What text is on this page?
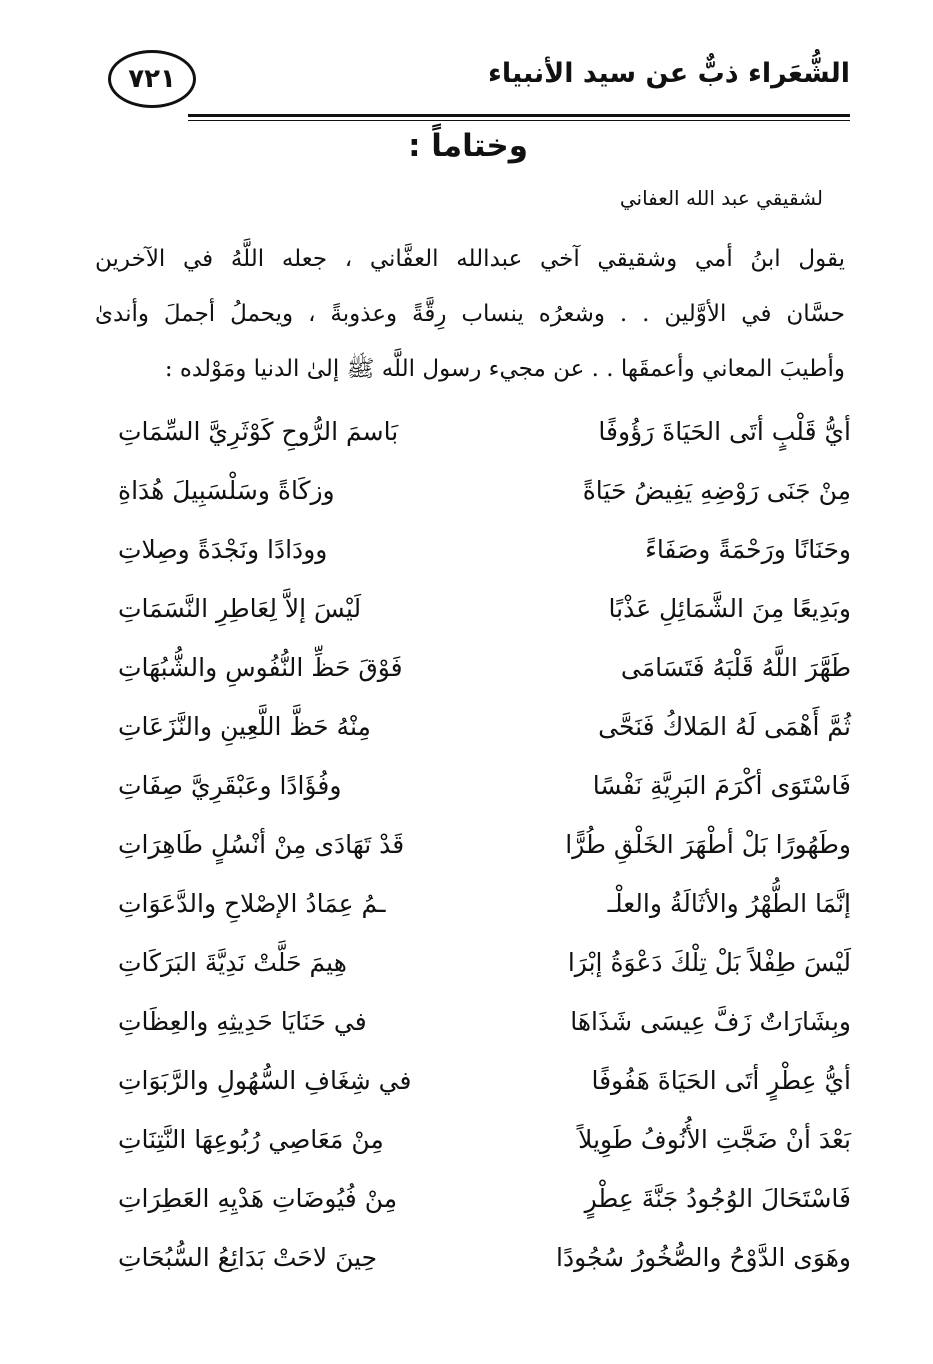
الشُّعَراء ذبٌّ عن سيد الأنبياء
٧٢١
وختاماً :
لشقيقي عبد الله العفاني

يقول ابنُ أمي وشقيقي آخي عبدالله العفَّاني ، جعله اللَّهُ في الآخرين
حسَّان في الأوَّلين . . وشعرُه ينساب رِقَّةً وعذوبةً ، ويحملُ أجملَ وأندىٰ
وأطيبَ المعاني وأعمقَها . . عن مجيء رسول اللَّه ﷺ إلىٰ الدنيا ومَوْلده :

أيُّ قَلْبٍ أتَى الحَيَاةَ رَؤُوفًا
بَاسمَ الرُّوحِ كَوْثَرِيَّ السِّمَاتِ
مِنْ جَنَى رَوْضِهِ يَفِيضُ حَيَاةً
وزكَاةً وسَلْسَبِيلَ هُدَاةِ
وحَنَانًا ورَحْمَةً وصَفَاءً
وودَادًا ونَجْدَةً وصِلاتِ
وبَدِيعًا مِنَ الشَّمَائِلِ عَذْبًا
لَيْسَ إلاَّ لِعَاطِرِ النَّسَمَاتِ
طَهَّرَ اللَّهُ قَلْبَهُ فَتَسَامَى
فَوْقَ حَظِّ النُّفُوسِ والشُّبُهَاتِ
ثُمَّ أَهْمَى لَهُ المَلاكُ فَنَحَّى
مِنْهُ حَظَّ اللَّعِينِ والنَّزَعَاتِ
فَاسْتَوَى أكْرَمَ البَرِيَّةِ نَفْسًا
وفُؤَادًا وعَبْقَرِيَّ صِفَاتِ
وطَهُورًا بَلْ أطْهَرَ الخَلْقِ طُرًّا
قَدْ تَهَادَى مِنْ أنْسُلٍ طَاهِرَاتِ
إنَّمَا الطُّهْرُ والأثَالَةُ والعلْـ
ـمُ عِمَادُ الإصْلاحِ والدَّعَوَاتِ
لَيْسَ طِفْلاً بَلْ تِلْكَ دَعْوَةُ إبْرَا
هِيمَ حَلَّتْ نَدِيَّةَ البَرَكَاتِ
وبِشَارَاتٌ زَفَّ عِيسَى شَذَاهَا
في حَنَايَا حَدِيثِهِ والعِظَاتِ
أيُّ عِطْرٍ أتَى الحَيَاةَ هَفُوفًا
في شِغَافِ السُّهُولِ والرَّبَوَاتِ
بَعْدَ أنْ ضَجَّتِ الأُنُوفُ طَوِيلاً
مِنْ مَعَاصِي رُبُوعِهَا النَّتِنَاتِ
فَاسْتَحَالَ الوُجُودُ جَنَّةَ عِطْرٍ
مِنْ فُيُوضَاتِ هَدْيِهِ العَطِرَاتِ
وهَوَى الدَّوْحُ والصُّخُورُ سُجُودًا
حِينَ لاحَتْ بَدَائِعُ السُّبُحَاتِ
